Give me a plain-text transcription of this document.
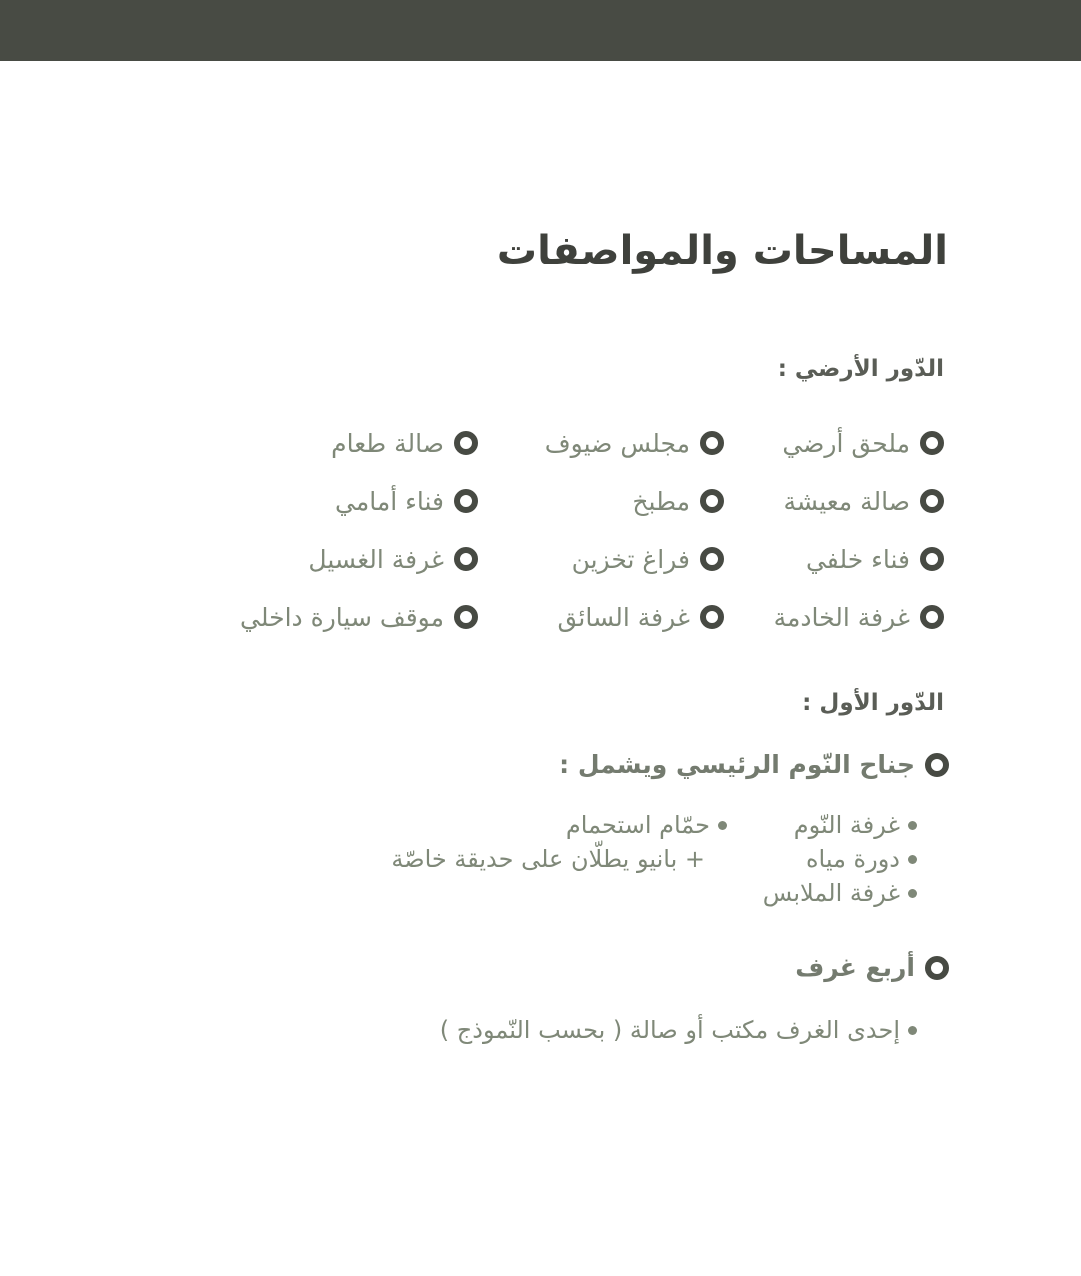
المساحات والمواصفات
الدّور الأرضي :
ملحق أرضي
مجلس ضيوف
صالة طعام
صالة معيشة
مطبخ
فناء أمامي
فناء خلفي
فراغ تخزين
غرفة الغسيل
غرفة الخادمة
غرفة السائق
موقف سيارة داخلي
الدّور الأول :
جناح النّوم الرئيسي ويشمل :
غرفة النّوم
حمّام استحمام
دورة مياه
+ بانيو يطلّان على حديقة خاصّة
غرفة الملابس
أربع غرف
إحدى الغرف مكتب أو صالة ( بحسب النّموذج )
